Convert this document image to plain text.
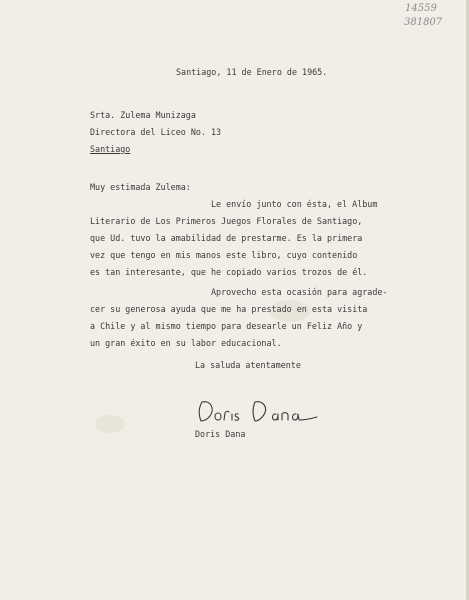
14559
381807
Santiago, 11 de Enero de 1965.
Srta. Zulema Munizaga
Directora del Liceo No. 13
Santiago
Muy estimada Zulema:
Le envío junto con ésta, el Album
Literario de Los Primeros Juegos Florales de Santiago,
que Ud. tuvo la amabilidad de prestarme. Es la primera
vez que tengo en mis manos este libro, cuyo contenido
es tan interesante, que he copiado varios trozos de él.
Aprovecho esta ocasión para agrade-
cer su generosa ayuda que me ha prestado en esta visita
a Chile y al mismo tiempo para desearle un Feliz Año y
un gran éxito en su labor educacional.
La saluda atentamente
Doris Dana
